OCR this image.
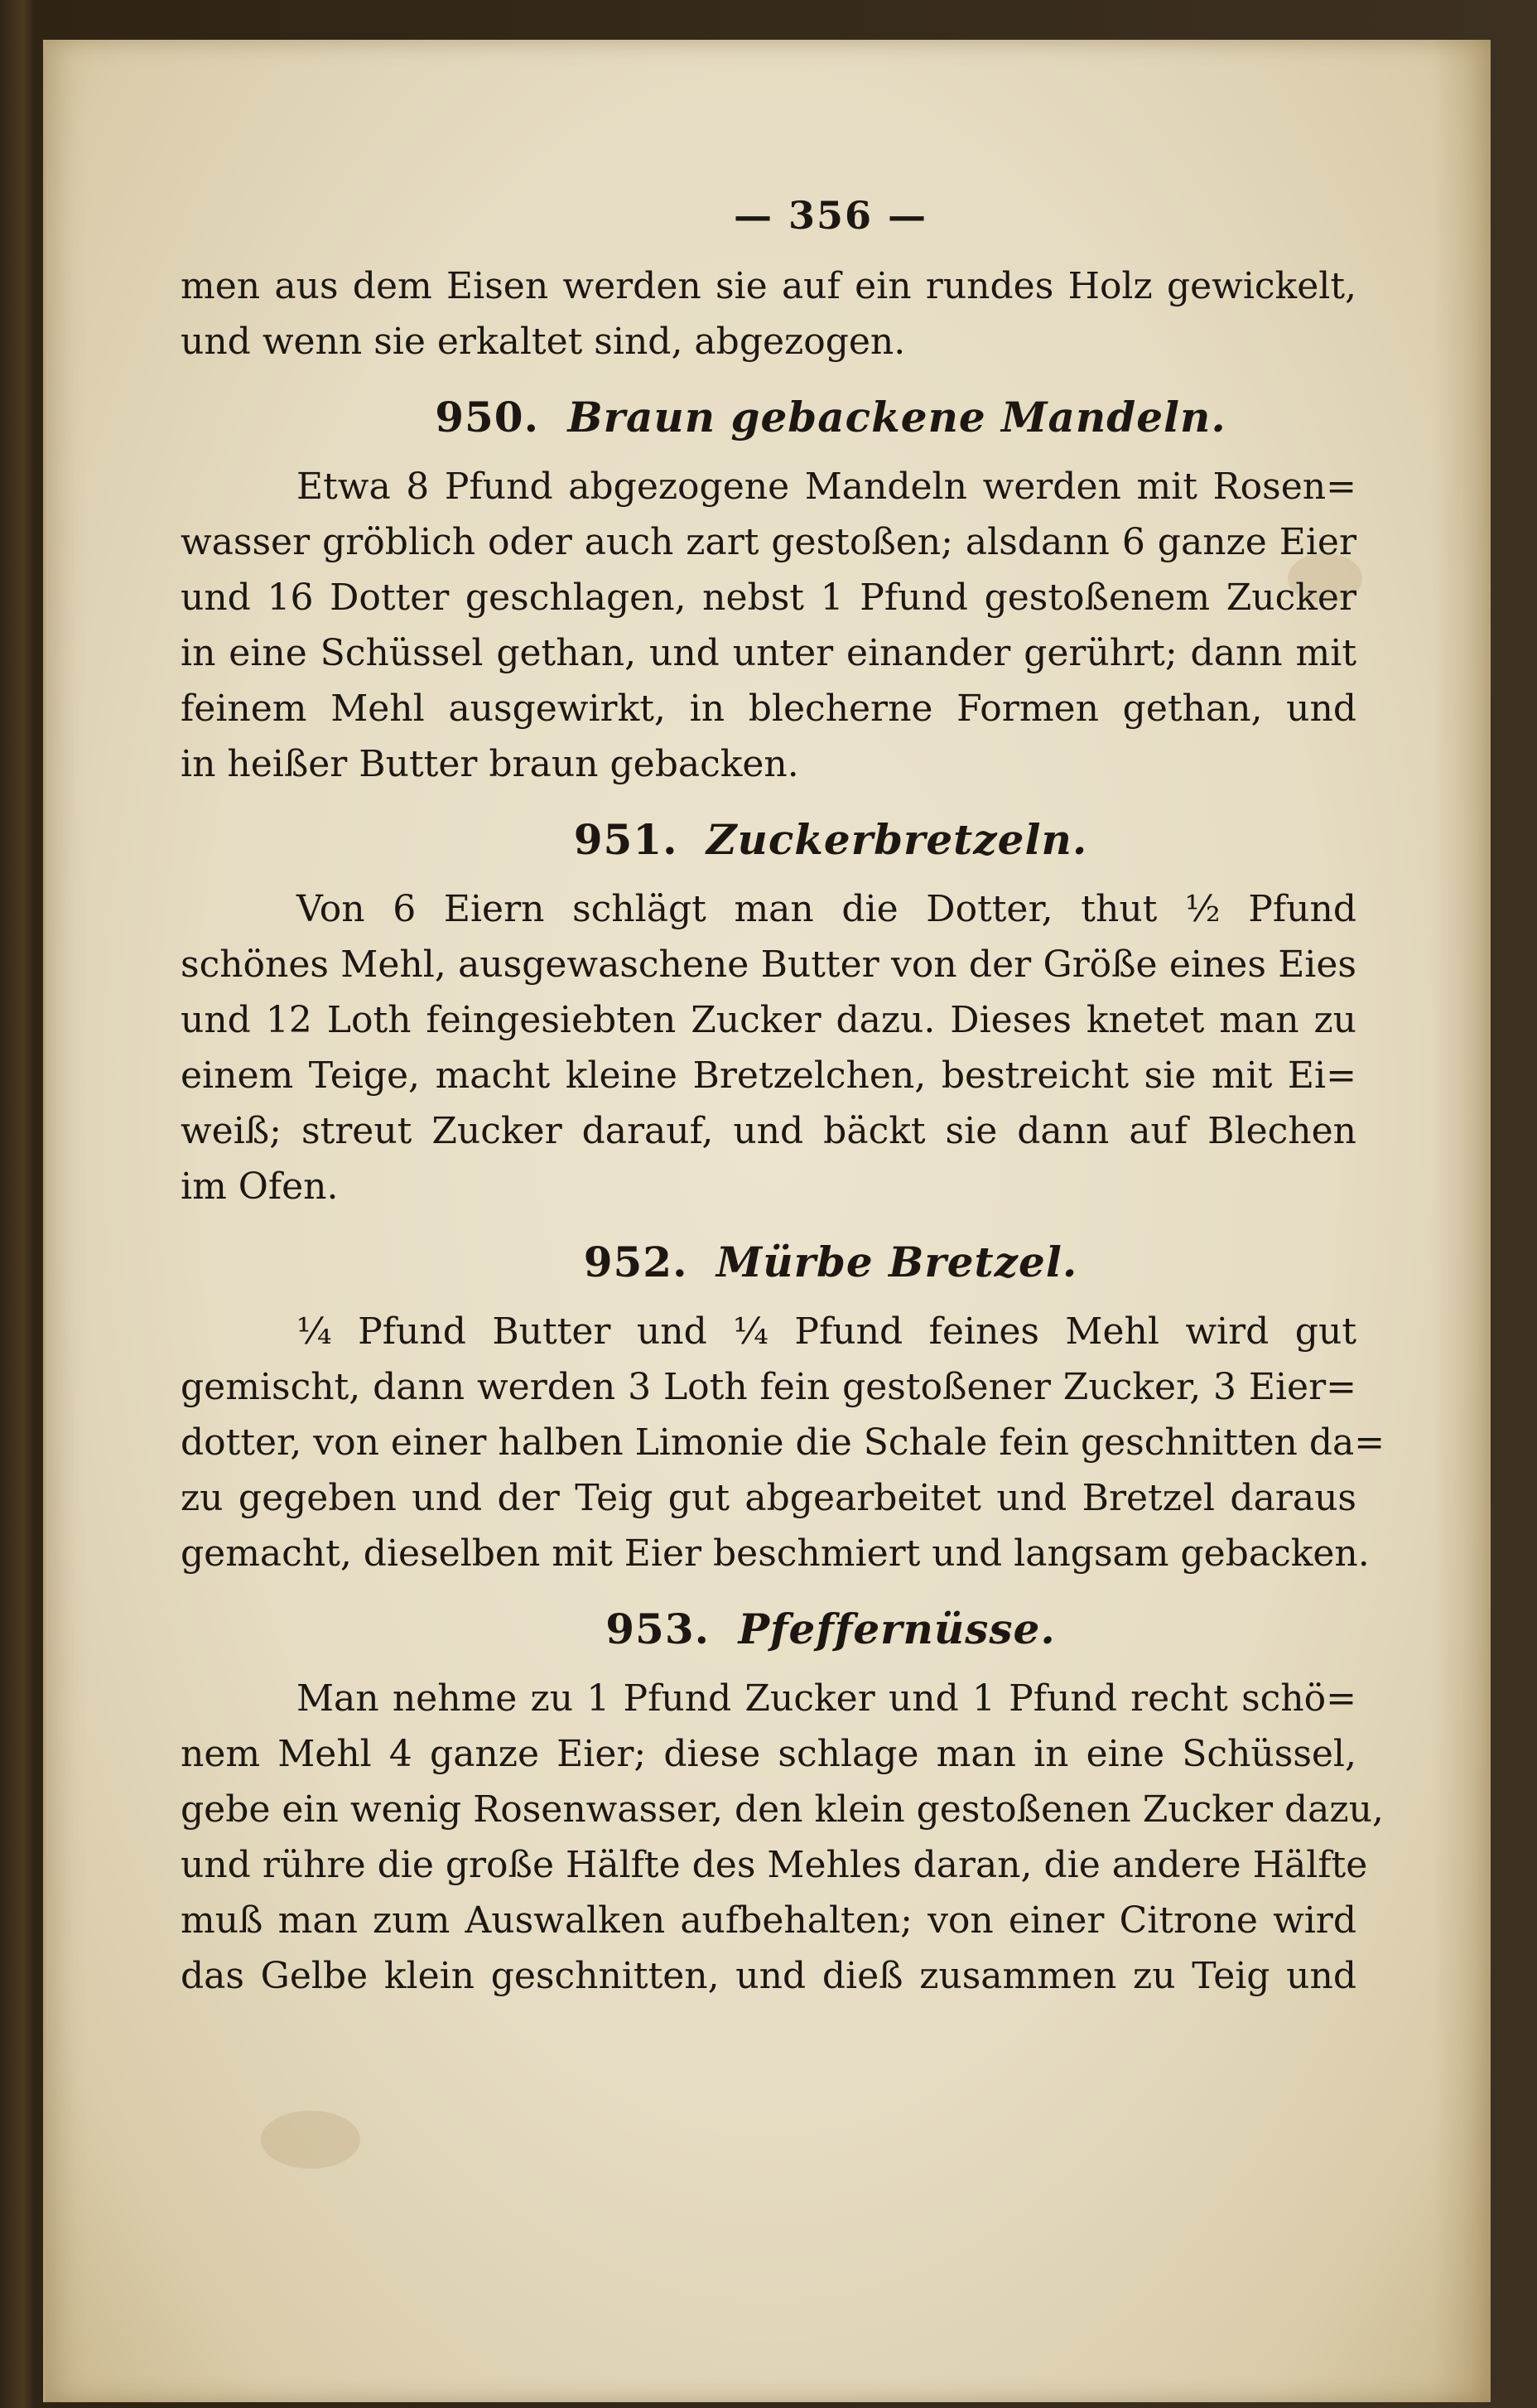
— 356 —
men aus dem Eisen werden sie auf ein rundes Holz gewickelt,
und wenn sie erkaltet sind, abgezogen.
950. Braun gebackene Mandeln.
Etwa 8 Pfund abgezogene Mandeln werden mit Rosen=
wasser gröblich oder auch zart gestoßen; alsdann 6 ganze Eier
und 16 Dotter geschlagen, nebst 1 Pfund gestoßenem Zucker
in eine Schüssel gethan, und unter einander gerührt; dann mit
feinem Mehl ausgewirkt, in blecherne Formen gethan, und
in heißer Butter braun gebacken.
951. Zuckerbretzeln.
Von 6 Eiern schlägt man die Dotter, thut ½ Pfund
schönes Mehl, ausgewaschene Butter von der Größe eines Eies
und 12 Loth feingesiebten Zucker dazu. Dieses knetet man zu
einem Teige, macht kleine Bretzelchen, bestreicht sie mit Ei=
weiß; streut Zucker darauf, und bäckt sie dann auf Blechen
im Ofen.
952. Mürbe Bretzel.
¼ Pfund Butter und ¼ Pfund feines Mehl wird gut
gemischt, dann werden 3 Loth fein gestoßener Zucker, 3 Eier=
dotter, von einer halben Limonie die Schale fein geschnitten da=
zu gegeben und der Teig gut abgearbeitet und Bretzel daraus
gemacht, dieselben mit Eier beschmiert und langsam gebacken.
953. Pfeffernüsse.
Man nehme zu 1 Pfund Zucker und 1 Pfund recht schö=
nem Mehl 4 ganze Eier; diese schlage man in eine Schüssel,
gebe ein wenig Rosenwasser, den klein gestoßenen Zucker dazu,
und rühre die große Hälfte des Mehles daran, die andere Hälfte
muß man zum Auswalken aufbehalten; von einer Citrone wird
das Gelbe klein geschnitten, und dieß zusammen zu Teig und
